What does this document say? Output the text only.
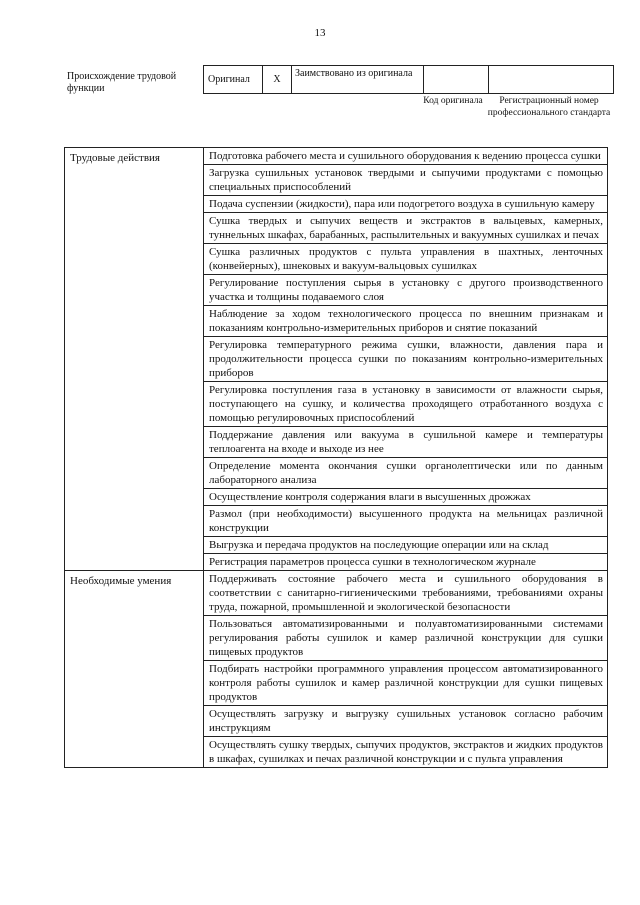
13
Происхождение трудовой функции
Оригинал	X	Заимствовано из оригинала		
Код оригинала	Регистрационный номер профессионального стандарта
Трудовые действия	Подготовка рабочего места и сушильного оборудования к ведению процесса сушки
	Загрузка сушильных установок твердыми и сыпучими продуктами с помощью специальных приспособлений
	Подача суспензии (жидкости), пара или подогретого воздуха в сушильную камеру
	Сушка твердых и сыпучих веществ и экстрактов в вальцевых, камерных, туннельных шкафах, барабанных, распылительных и вакуумных сушилках и печах
	Сушка различных продуктов с пульта управления в шахтных, ленточных (конвейерных), шнековых и вакуум-вальцовых сушилках
	Регулирование поступления сырья в установку с другого производственного участка и толщины подаваемого слоя
	Наблюдение за ходом технологического процесса по внешним признакам и показаниям контрольно-измерительных приборов и снятие показаний
	Регулировка температурного режима сушки, влажности, давления пара и продолжительности процесса сушки по показаниям контрольно-измерительных приборов
	Регулировка поступления газа в установку в зависимости от влажности сырья, поступающего на сушку, и количества проходящего отработанного воздуха с помощью регулировочных приспособлений
	Поддержание давления или вакуума в сушильной камере и температуры теплоагента на входе и выходе из нее
	Определение момента окончания сушки органолептически или по данным лабораторного анализа
	Осуществление контроля содержания влаги в высушенных дрожжах
	Размол (при необходимости) высушенного продукта на мельницах различной конструкции
	Выгрузка и передача продуктов на последующие операции или на склад
	Регистрация параметров процесса сушки в технологическом журнале
Необходимые умения	Поддерживать состояние рабочего места и сушильного оборудования в соответствии с санитарно-гигиеническими требованиями, требованиями охраны труда, пожарной, промышленной и экологической безопасности
	Пользоваться автоматизированными и полуавтоматизированными системами регулирования работы сушилок и камер различной конструкции для сушки пищевых продуктов
	Подбирать настройки программного управления процессом автоматизированного контроля работы сушилок и камер различной конструкции для сушки пищевых продуктов
	Осуществлять загрузку и выгрузку сушильных установок согласно рабочим инструкциям
	Осуществлять сушку твердых, сыпучих продуктов, экстрактов и жидких продуктов в шкафах, сушилках и печах различной конструкции и с пульта управления
